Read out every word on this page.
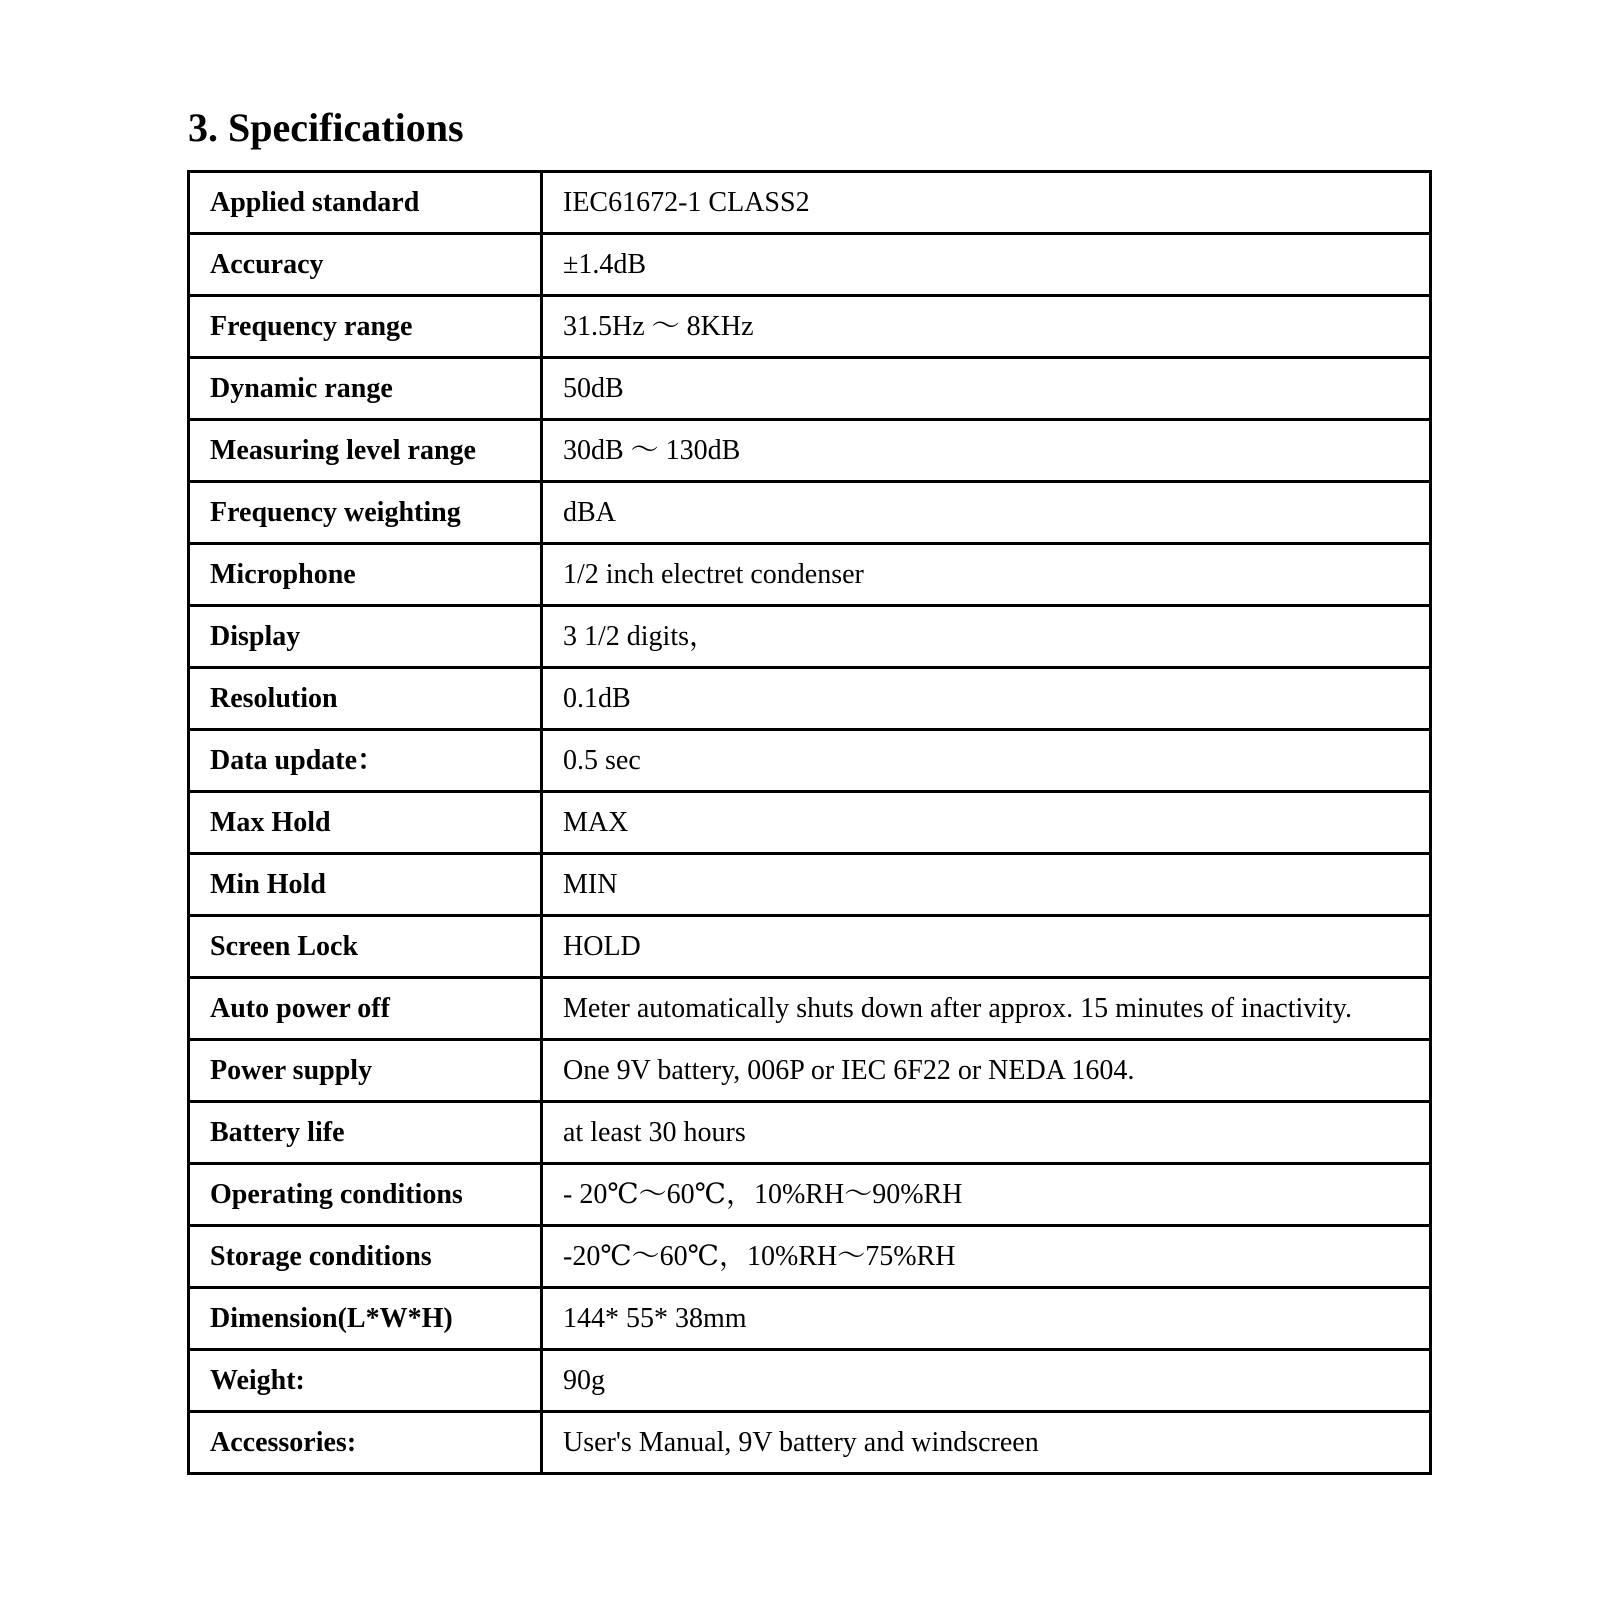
3. Specifications
Applied standard	IEC61672-1 CLASS2
Accuracy	±1.4dB
Frequency range	31.5Hz ～ 8KHz
Dynamic range	50dB
Measuring level range	30dB ～ 130dB
Frequency weighting	dBA
Microphone	1/2 inch electret condenser
Display	3 1/2 digits，
Resolution	0.1dB
Data update：	0.5 sec
Max Hold	MAX
Min Hold	MIN
Screen Lock	HOLD
Auto power off	Meter automatically shuts down after approx. 15 minutes of inactivity.
Power supply	One 9V battery, 006P or IEC 6F22 or NEDA 1604.
Battery life	at least 30 hours
Operating conditions	- 20℃～60℃，10%RH～90%RH
Storage conditions	-20℃～60℃，10%RH～75%RH
Dimension(L*W*H)	144* 55* 38mm
Weight:	90g
Accessories:	User's Manual, 9V battery and windscreen
